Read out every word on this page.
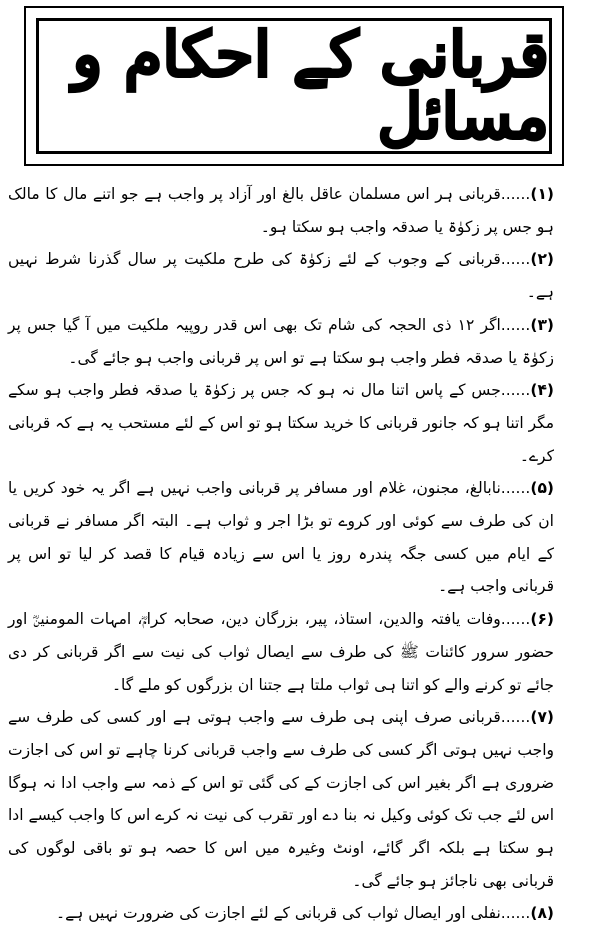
قربانی کے احکام و مسائل

(۱)......قربانی ہر اس مسلمان عاقل بالغ اور آزاد پر واجب ہے جو اتنے مال کا مالک ہو جس پر زکوٰۃ یا صدقہ واجب ہو سکتا ہو۔

(۲)......قربانی کے وجوب کے لئے زکوٰۃ کی طرح ملکیت پر سال گذرنا شرط نہیں ہے۔

(۳)......اگر ۱۲ ذی الحجہ کی شام تک بھی اس قدر روپیہ ملکیت میں آ گیا جس پر زکوٰۃ یا صدقہ فطر واجب ہو سکتا ہے تو اس پر قربانی واجب ہو جائے گی۔

(۴)......جس کے پاس اتنا مال نہ ہو کہ جس پر زکوٰۃ یا صدقہ فطر واجب ہو سکے مگر اتنا ہو کہ جانور قربانی کا خرید سکتا ہو تو اس کے لئے مستحب یہ ہے کہ قربانی کرے۔

(۵)......نابالغ، مجنون، غلام اور مسافر پر قربانی واجب نہیں ہے اگر یہ خود کریں یا ان کی طرف سے کوئی اور کروے تو بڑا اجر و ثواب ہے۔ البتہ اگر مسافر نے قربانی کے ایام میں کسی جگہ پندرہ روز یا اس سے زیادہ قیام کا قصد کر لیا تو اس پر قربانی واجب ہے۔

(۶)......وفات یافتہ والدین، استاذ، پیر، بزرگان دین، صحابہ کرامؓ، امہات المومنینؓ اور حضور سرور کائنات ﷺ کی طرف سے ایصال ثواب کی نیت سے اگر قربانی کر دی جائے تو کرنے والے کو اتنا ہی ثواب ملتا ہے جتنا ان بزرگوں کو ملے گا۔

(۷)......قربانی صرف اپنی ہی طرف سے واجب ہوتی ہے اور کسی کی طرف سے واجب نہیں ہوتی اگر کسی کی طرف سے واجب قربانی کرنا چاہے تو اس کی اجازت ضروری ہے اگر بغیر اس کی اجازت کے کی گئی تو اس کے ذمہ سے واجب ادا نہ ہوگا اس لئے جب تک کوئی وکیل نہ بنا دے اور تقرب کی نیت نہ کرے اس کا واجب کیسے ادا ہو سکتا ہے بلکہ اگر گائے، اونٹ وغیرہ میں اس کا حصہ ہو تو باقی لوگوں کی قربانی بھی ناجائز ہو جائے گی۔

(۸)......نفلی اور ایصال ثواب کی قربانی کے لئے اجازت کی ضرورت نہیں ہے۔
